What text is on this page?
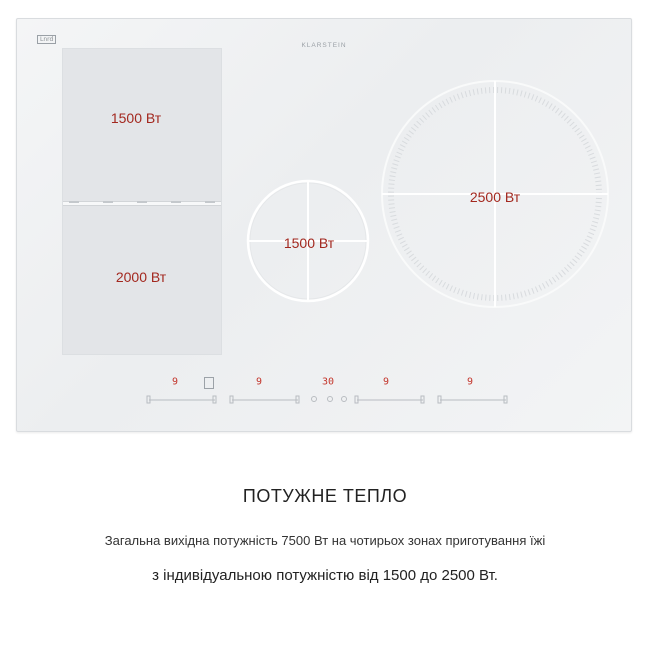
Lnrd
KLARSTEIN
1500 Вт
2000 Вт
1500 Вт
2500 Вт
9	9	30	9	9
ПОТУЖНЕ ТЕПЛО
Загальна вихідна потужність 7500 Вт на чотирьох зонах приготування їжі
з індивідуальною потужністю від 1500 до 2500 Вт.
